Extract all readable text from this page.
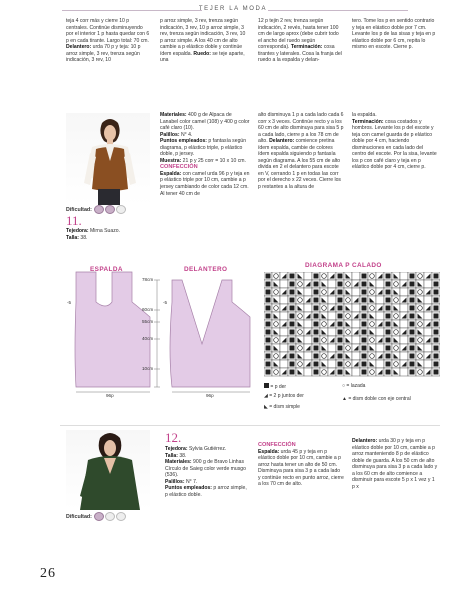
TEJER LA MODA
teja 4 corr más y cierre 10 p centrales. Continúe disminuyendo por el interior 1 p hasta quedar con 6 p en cada tirante. Largo total: 70 cm. Delantero: urda 70 p y teja: 10 p arroz simple, 3 rev, trenza según indicación, 3 rev, 10
p arroz simple, 3 rev, trenza según indicación, 3 rev, 10 p arroz simple, 3 rev, trenza según indicación, 3 rev, 10 p arroz simple. A los 40 cm de alto cambie a p elástico doble y continúe ídem espalda. Ruedo: se teje aparte, una
12 p tejin 2 rev, trenza según indicación, 2 revés, hasta tener 100 cm de largo aprox (debe cubrir todo el ancho del ruedo según corresponda). Terminación: cosa tirantes y laterales. Cosa la franja del ruedo a la espalda y delan-
tero. Tome los p en sentido contrario y teja en elástico doble por 7 cm. Levante los p de las sisas y teja en p elástico doble por 6 cm, repita lo mismo en escote. Cierre p.
Dificultad:
11.

Tejedora: Mirna Suazo.

Talla: 38.

Materiales: 400 g de Alpaca de Lanabel color camel (108) y 400 g color café claro (10).

Palillos: N° 4.

Puntos empleados: p fantasía según diagrama, p elástico triple, p elástico doble, p jersey.

Muestra: 21 p y 25 corr = 10 x 10 cm.

CONFECCIÓN

Espalda: con camel urda 96 p y teja en p elástico triple por 10 cm, cambie a p jersey cambiando de color cada 12 cm. Al tener 40 cm de

alto disminuya 1 p a cada lado cada 6 corr x 3 veces. Continúe recto y a los 60 cm de alto disminuya para sisa 5 p a cada lado, cierre p a los 78 cm de alto. Delantero: comience pretina ídem espalda, cambie de colores ídem espalda siguiendo p fantasía según diagrama. A los 55 cm de alto divida en 2 el delantero para escote en V, cerrando 1 p en todas las corr por el derecho x 22 veces. Cierre los p restantes a la altura de

la espalda.

Terminación: cosa costados y hombros. Levante los p del escote y teja con camel guarda de p elástico doble por 4 cm, haciendo disminuciones en cada lado del centro del escote. Por la sisa, levante los p con café claro y teja en p elástico doble por 4 cm, cierre p.

ESPALDA	DELANTERO
78cm
60cm
55cm
40cm
10cm
96p	96p
-5	-5
DIAGRAMA P CALADO
= p der
◢ = 2 p juntos der
◣ = dism simple
○ = lazada
▲ = dism doble con eje central
Dificultad:
12.

Tejedora: Sylvia Gutiérrez.

Talla: 38.

Materiales: 900 g de Bravo Linhas Círculo de Saieg color verde musgo (536).

Palillos: N° 7.

Puntos empleados: p arroz simple, p elástico doble.

CONFECCIÓN

Espalda: urda 45 p y teja en p elástico doble por 10 cm, cambie a p arroz hasta tener un alto de 50 cm. Disminuya para sisa 3 p a cada lado y continúe recto en punto arroz, cierre a los 70 cm de alto.

Delantero: urda 30 p y teja en p elástico doble por 10 cm, cambie a p arroz manteniendo 8 p de elástico doble de guarda. A los 50 cm de alto disminuya para sisa 3 p a cada lado y a los 60 cm de alto comience a disminuir para escote 5 p x 1 vez y 1 p x

26
